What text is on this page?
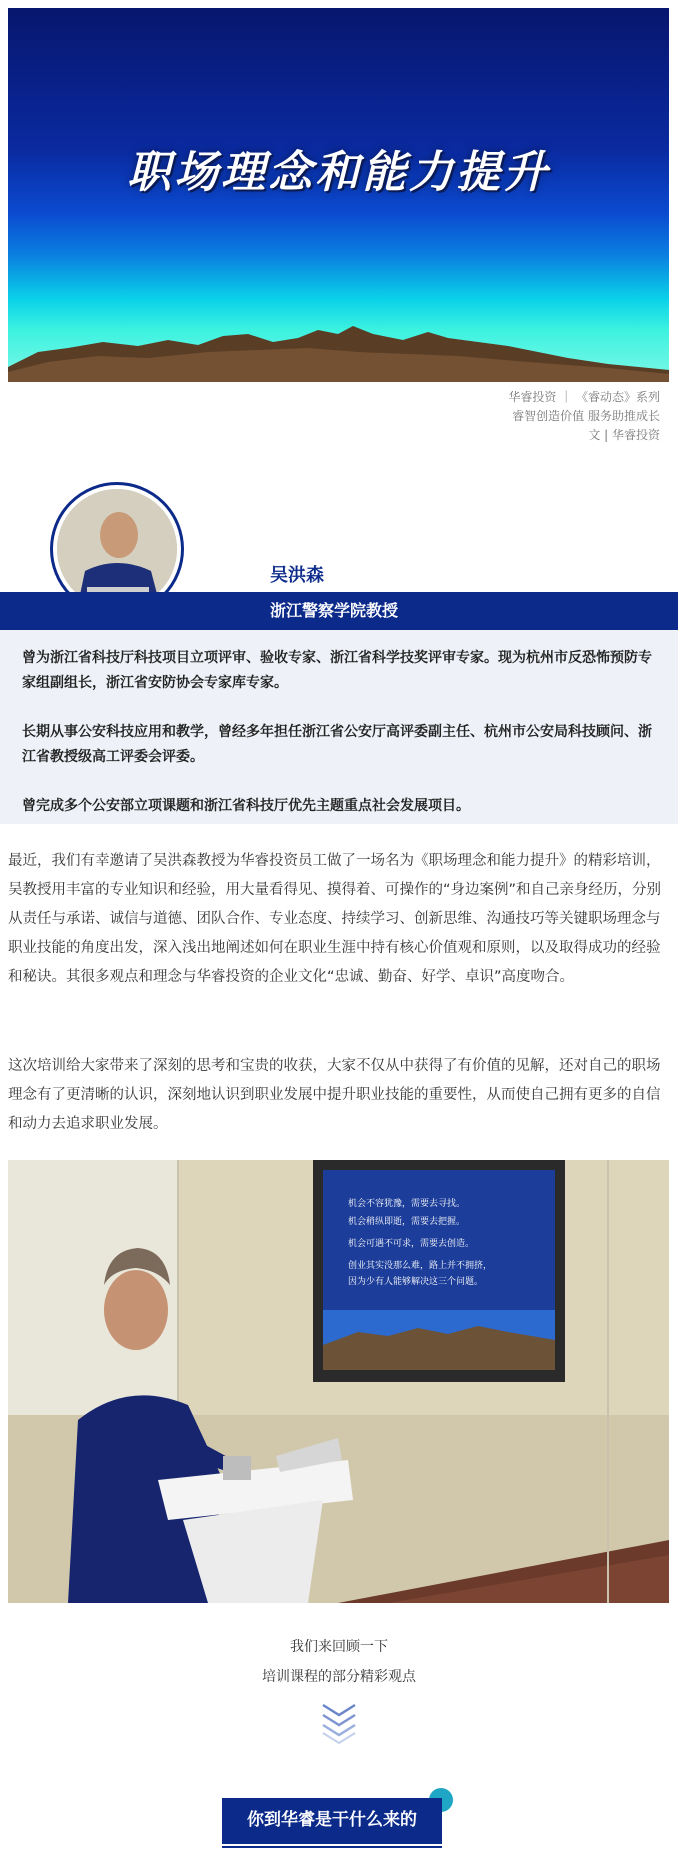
职场理念和能力提升
华睿投资 ｜ 《睿动态》系列
睿智创造价值 服务助推成长
文 | 华睿投资
吴洪森
浙江警察学院教授

曾为浙江省科技厅科技项目立项评审、验收专家、浙江省科学技奖评审专家。现为杭州市反恐怖预防专家组副组长，浙江省安防协会专家库专家。

长期从事公安科技应用和教学，曾经多年担任浙江省公安厅高评委副主任、杭州市公安局科技顾问、浙江省教授级高工评委会评委。

曾完成多个公安部立项课题和浙江省科技厅优先主题重点社会发展项目。

最近，我们有幸邀请了吴洪森教授为华睿投资员工做了一场名为《职场理念和能力提升》的精彩培训，吴教授用丰富的专业知识和经验，用大量看得见、摸得着、可操作的“身边案例”和自己亲身经历，分别从责任与承诺、诚信与道德、团队合作、专业态度、持续学习、创新思维、沟通技巧等关键职场理念与职业技能的角度出发，深入浅出地阐述如何在职业生涯中持有核心价值观和原则，以及取得成功的经验和秘诀。其很多观点和理念与华睿投资的企业文化“忠诚、勤奋、好学、卓识”高度吻合。
这次培训给大家带来了深刻的思考和宝贵的收获，大家不仅从中获得了有价值的见解，还对自己的职场理念有了更清晰的认识，深刻地认识到职业发展中提升职业技能的重要性，从而使自己拥有更多的自信和动力去追求职业发展。
机会不容犹豫，需要去寻找。
机会稍纵即逝，需要去把握。
机会可遇不可求，需要去创造。
创业其实没那么难，路上并不拥挤，
因为少有人能够解决这三个问题。
我们来回顾一下
培训课程的部分精彩观点
你到华睿是干什么来的
